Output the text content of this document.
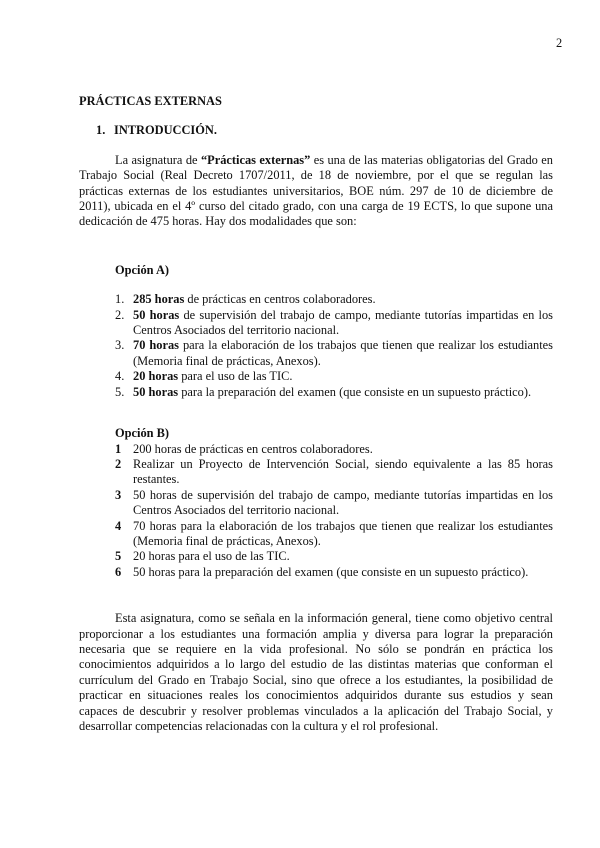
2
PRÁCTICAS EXTERNAS
1. INTRODUCCIÓN.

La asignatura de “Prácticas externas” es una de las materias obligatorias del Grado en Trabajo Social (Real Decreto 1707/2011, de 18 de noviembre, por el que se regulan las prácticas externas de los estudiantes universitarios, BOE núm. 297 de 10 de diciembre de 2011), ubicada en el 4º curso del citado grado, con una carga de 19 ECTS, lo que supone una dedicación de 475 horas. Hay dos modalidades que son:

Opción A)

1. 285 horas de prácticas en centros colaboradores.
2. 50 horas de supervisión del trabajo de campo, mediante tutorías impartidas en los Centros Asociados del territorio nacional.
3. 70 horas para la elaboración de los trabajos que tienen que realizar los estudiantes (Memoria final de prácticas, Anexos).
4. 20 horas para el uso de las TIC.
5. 50 horas para la preparación del examen (que consiste en un supuesto práctico).

Opción B)

1 200 horas de prácticas en centros colaboradores.
2 Realizar un Proyecto de Intervención Social, siendo equivalente a las 85 horas restantes.
3 50 horas de supervisión del trabajo de campo, mediante tutorías impartidas en los Centros Asociados del territorio nacional.
4 70 horas para la elaboración de los trabajos que tienen que realizar los estudiantes (Memoria final de prácticas, Anexos).
5 20 horas para el uso de las TIC.
6 50 horas para la preparación del examen (que consiste en un supuesto práctico).

Esta asignatura, como se señala en la información general, tiene como objetivo central proporcionar a los estudiantes una formación amplia y diversa para lograr la preparación necesaria que se requiere en la vida profesional. No sólo se pondrán en práctica los conocimientos adquiridos a lo largo del estudio de las distintas materias que conforman el currículum del Grado en Trabajo Social, sino que ofrece a los estudiantes, la posibilidad de practicar en situaciones reales los conocimientos adquiridos durante sus estudios y sean capaces de descubrir y resolver problemas vinculados a la aplicación del Trabajo Social, y desarrollar competencias relacionadas con la cultura y el rol profesional.
